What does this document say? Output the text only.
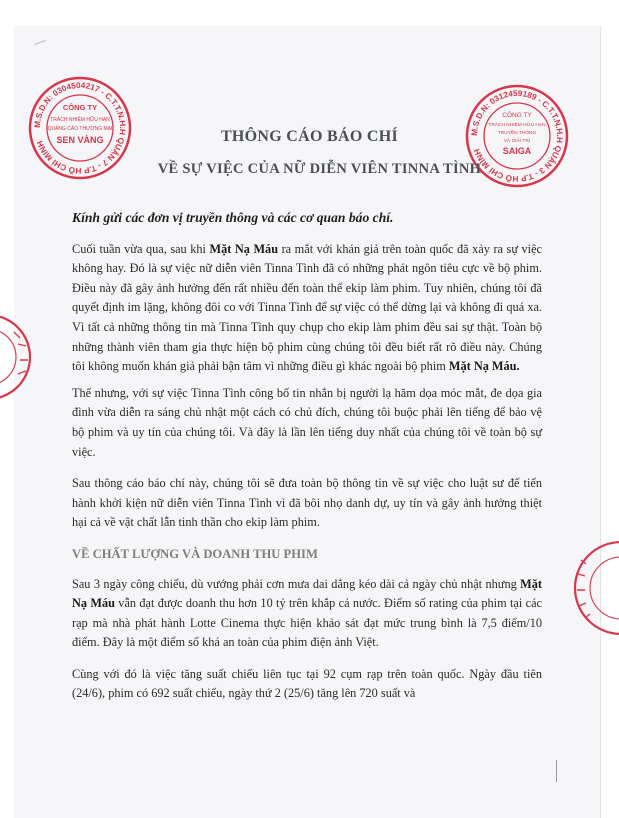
M.S.D.N: 0304504217 - C.T.T.N.H.H QUẬN 7 - T.P HỒ CHÍ MINH
CÔNG TY
TRÁCH NHIỆM HỮU HẠN
QUẢNG CÁO THƯƠNG MẠI
SEN VÀNG
M.S.D.N: 0312459189 - C.T.T.N.H.H QUẬN 3 - T.P HỒ CHÍ MINH
CÔNG TY
TRÁCH NHIỆM HỮU HẠN
TRUYỀN THÔNG
VÀ GIẢI TRÍ
SAIGA
THÔNG CÁO BÁO CHÍ
VỀ SỰ VIỆC CỦA NỮ DIỄN VIÊN TINNA TÌNH

Kính gửi các đơn vị truyền thông và các cơ quan báo chí.

Cuối tuần vừa qua, sau khi Mặt Nạ Máu ra mắt với khán giả trên toàn quốc đã xảy ra sự việc không hay. Đó là sự việc nữ diễn viên Tinna Tình đã có những phát ngôn tiêu cực về bộ phim. Điều này đã gây ảnh hưởng đến rất nhiều đến toàn thể ekip làm phim. Tuy nhiên, chúng tôi đã quyết định im lặng, không đôi co với Tinna Tình để sự việc có thể dừng lại và không đi quá xa. Vì tất cả những thông tin mà Tinna Tình quy chụp cho ekip làm phim đều sai sự thật. Toàn bộ những thành viên tham gia thực hiện bộ phim cùng chúng tôi đều biết rất rõ điều này. Chúng tôi không muốn khán giả phải bận tâm vì những điều gì khác ngoài bộ phim Mặt Nạ Máu.

Thế nhưng, với sự việc Tinna Tình công bố tin nhắn bị người lạ hăm dọa móc mắt, đe dọa gia đình vừa diễn ra sáng chủ nhật một cách có chủ đích, chúng tôi buộc phải lên tiếng để bảo vệ bộ phim và uy tín của chúng tôi. Và đây là lần lên tiếng duy nhất của chúng tôi về toàn bộ sự việc.

Sau thông cáo báo chí này, chúng tôi sẽ đưa toàn bộ thông tin về sự việc cho luật sư để tiến hành khởi kiện nữ diễn viên Tinna Tình vì đã bôi nhọ danh dự, uy tín và gây ảnh hưởng thiệt hại cả về vật chất lẫn tinh thần cho ekip làm phim.

VỀ CHẤT LƯỢNG VÀ DOANH THU PHIM

Sau 3 ngày công chiếu, dù vướng phải cơn mưa dai dẳng kéo dài cả ngày chủ nhật nhưng Mặt Nạ Máu vẫn đạt được doanh thu hơn 10 tỷ trên khắp cả nước. Điểm số rating của phim tại các rạp mà nhà phát hành Lotte Cinema thực hiện khảo sát đạt mức trung bình là 7,5 điểm/10 điểm. Đây là một điểm số khá an toàn của phim điện ảnh Việt.

Cùng với đó là việc tăng suất chiếu liên tục tại 92 cụm rạp trên toàn quốc. Ngày đầu tiên (24/6), phim có 692 suất chiếu, ngày thứ 2 (25/6) tăng lên 720 suất và
